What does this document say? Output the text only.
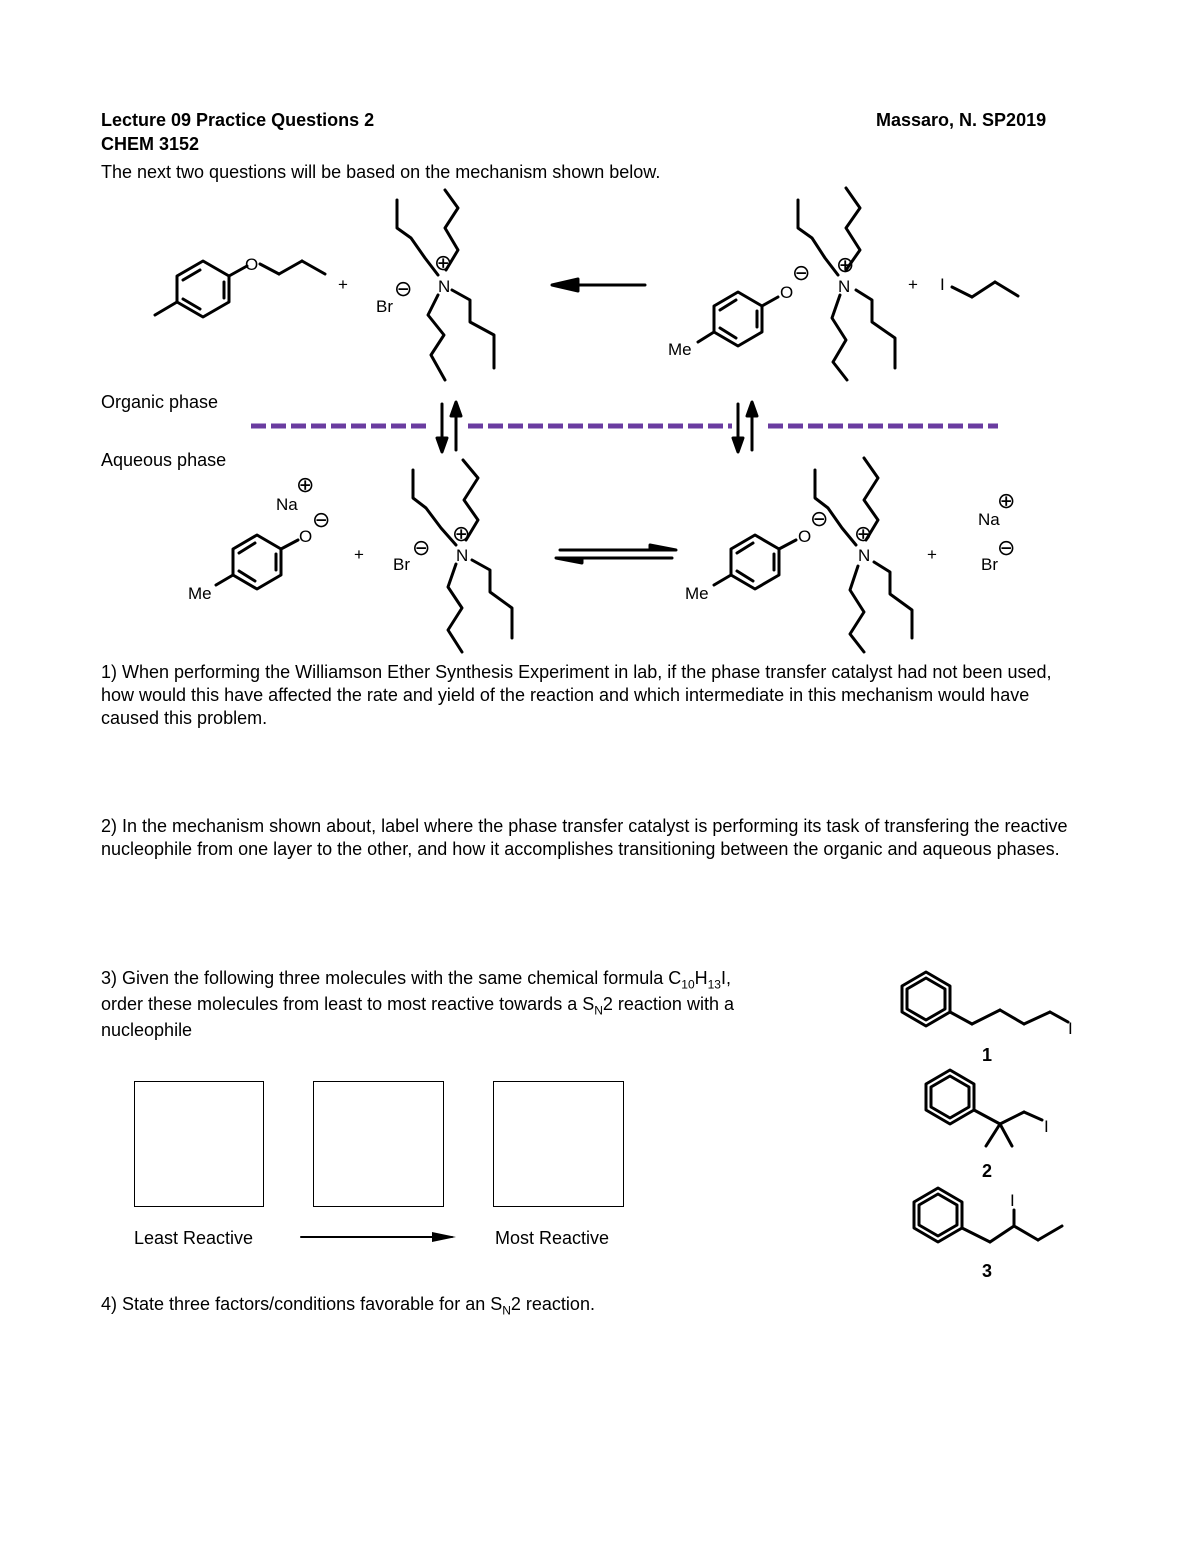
Lecture 09 Practice Questions 2
CHEM 3152
Massaro, N. SP2019
The next two questions will be based on the mechanism shown below.
O
+
Br
⊖ N
⊕
O
⊖
N
⊕
Me
+ I
Na
⊕
⊖
O
Me
+
Br
⊖ N
⊕	O
⊖
N
⊕
Me
+
Na
⊕
Br
⊖
I
I
I
1
2
3
Organic phase
Aqueous phase
1) When performing the Williamson Ether Synthesis Experiment in lab, if the phase transfer catalyst had not been used, how would this have affected the rate and yield of the reaction and which intermediate in this mechanism would have caused this problem.
2) In the mechanism shown about, label where the phase transfer catalyst is performing its task of transfering the reactive nucleophile from one layer to the other, and how it accomplishes transitioning between the organic and aqueous phases.
3) Given the following three molecules with the same chemical formula $C_{10}H_{13}I$,
order these molecules from least to most reactive towards a $S_N2$ reaction with a
nucleophile
Least Reactive	Most Reactive
4) State three factors/conditions favorable for an $S_N2$ reaction.
